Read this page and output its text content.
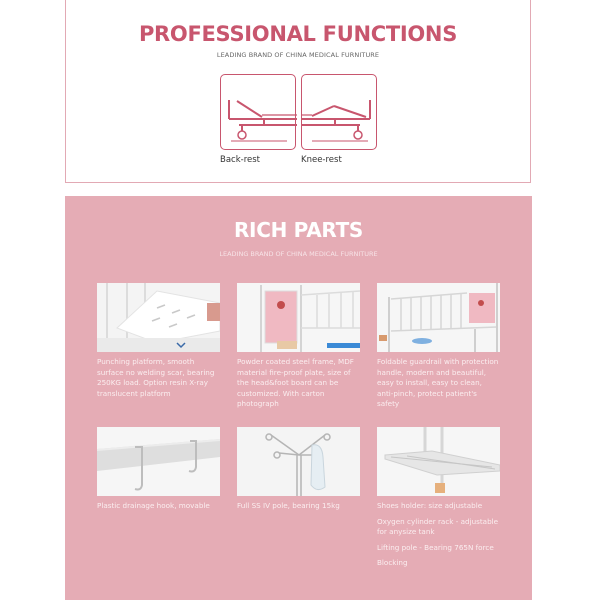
PROFESSIONAL FUNCTIONS
LEADING BRAND OF CHINA MEDICAL FURNITURE
Back-rest	Knee-rest
RICH PARTS
LEADING BRAND OF CHINA MEDICAL FURNITURE
Punching platform, smooth surface no welding scar, bearing 250KG load. Option resin X-ray translucent platform
Powder coated steel frame, MDF material fire-proof plate, size of the head&foot board can be customized. With carton photograph
Foldable guardrail with protection handle, modern and beautiful, easy to install, easy to clean, anti-pinch, protect patient's safety
Plastic drainage hook, movable	Full SS IV pole, bearing 15kg	Shoes holder: size adjustable

Oxygen cylinder rack - adjustable for anysize tank

Lifting pole - Bearing 765N force

Blocking
